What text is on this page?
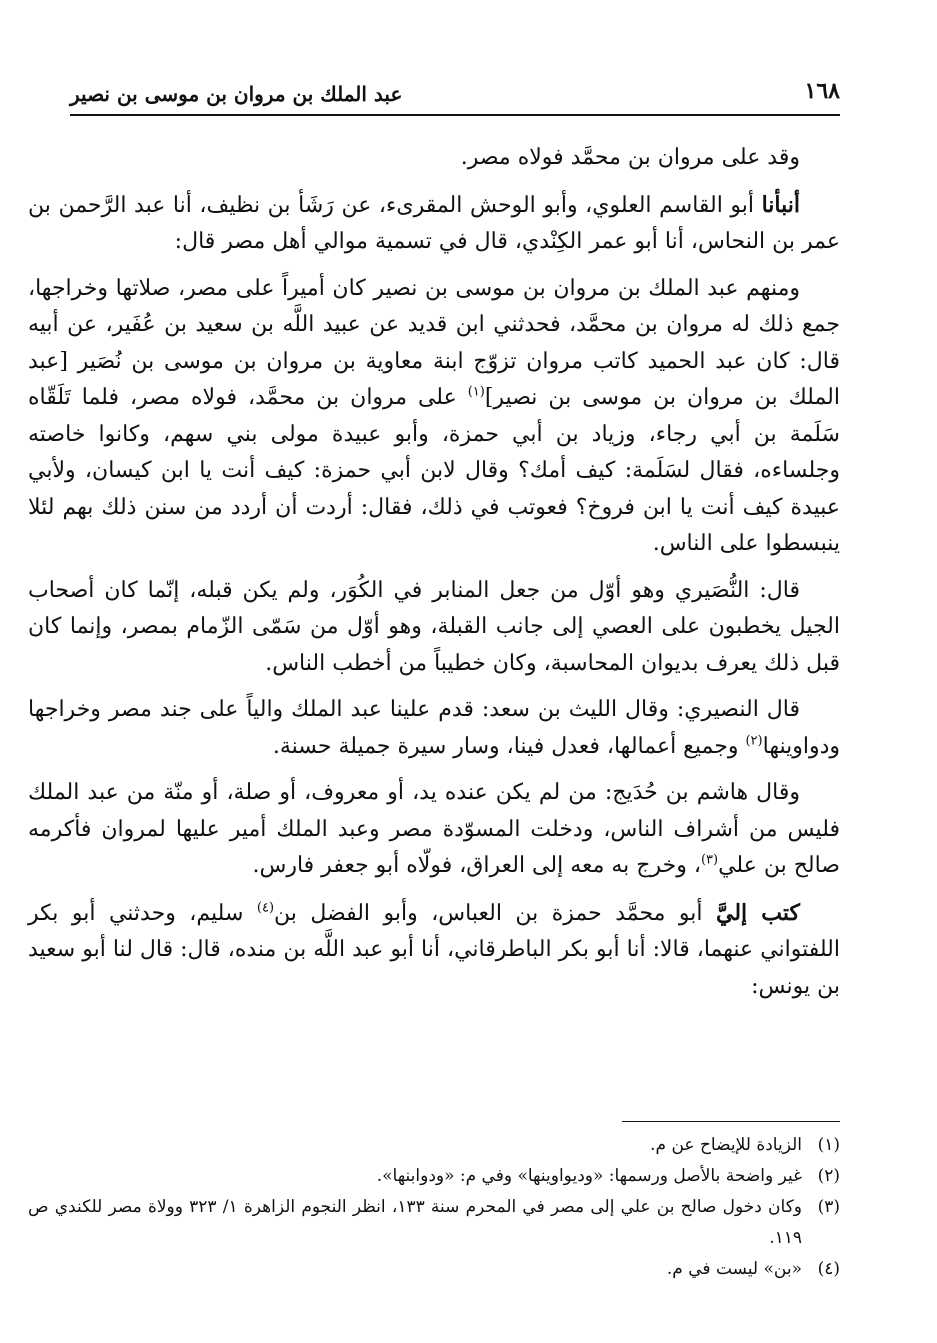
١٦٨
عبد الملك بن مروان بن موسى بن نصير

وقد على مروان بن محمَّد فولاه مصر.

أنبأنا أبو القاسم العلوي، وأبو الوحش المقرىء، عن رَشَأ بن نظيف، أنا عبد الرَّحمن بن عمر بن النحاس، أنا أبو عمر الكِنْدي، قال في تسمية موالي أهل مصر قال:

ومنهم عبد الملك بن مروان بن موسى بن نصير كان أميراً على مصر، صلاتها وخراجها، جمع ذلك له مروان بن محمَّد، فحدثني ابن قديد عن عبيد اللَّه بن سعيد بن عُفَير، عن أبيه قال: كان عبد الحميد كاتب مروان تزوّج ابنة معاوية بن مروان بن موسى بن نُصَير [عبد الملك بن مروان بن موسى بن نصير]$^{(١)}$ على مروان بن محمَّد، فولاه مصر، فلما تَلَقّاه سَلَمة بن أبي رجاء، وزياد بن أبي حمزة، وأبو عبيدة مولى بني سهم، وكانوا خاصته وجلساءه، فقال لسَلَمة: كيف أمك؟ وقال لابن أبي حمزة: كيف أنت يا ابن كيسان، ولأبي عبيدة كيف أنت يا ابن فروخ؟ فعوتب في ذلك، فقال: أردت أن أردد من سنن ذلك بهم لئلا ينبسطوا على الناس.

قال: النُّصَيري وهو أوّل من جعل المنابر في الكُوَر، ولم يكن قبله، إنّما كان أصحاب الجيل يخطبون على العصي إلى جانب القبلة، وهو أوّل من سَمّى الزّمام بمصر، وإنما كان قبل ذلك يعرف بديوان المحاسبة، وكان خطيباً من أخطب الناس.

قال النصيري: وقال الليث بن سعد: قدم علينا عبد الملك والياً على جند مصر وخراجها ودواوينها$^{(٢)}$ وجميع أعمالها، فعدل فينا، وسار سيرة جميلة حسنة.

وقال هاشم بن حُدَيج: من لم يكن عنده يد، أو معروف، أو صلة، أو منّة من عبد الملك فليس من أشراف الناس، ودخلت المسوّدة مصر وعبد الملك أمير عليها لمروان فأكرمه صالح بن علي$^{(٣)}$، وخرج به معه إلى العراق، فولّاه أبو جعفر فارس.

كتب إليَّ أبو محمَّد حمزة بن العباس، وأبو الفضل بن$^{(٤)}$ سليم، وحدثني أبو بكر اللفتواني عنهما، قالا: أنا أبو بكر الباطرقاني، أنا أبو عبد اللَّه بن منده، قال: قال لنا أبو سعيد بن يونس:

(١)
الزيادة للإيضاح عن م.
(٢)
غير واضحة بالأصل ورسمها: «وديواوينها» وفي م: «ودوابنها».
(٣)
وكان دخول صالح بن علي إلى مصر في المحرم سنة ١٣٣، انظر النجوم الزاهرة ١/ ٣٢٣ وولاة مصر للكندي ص ١١٩.
(٤)
«بن» ليست في م.
